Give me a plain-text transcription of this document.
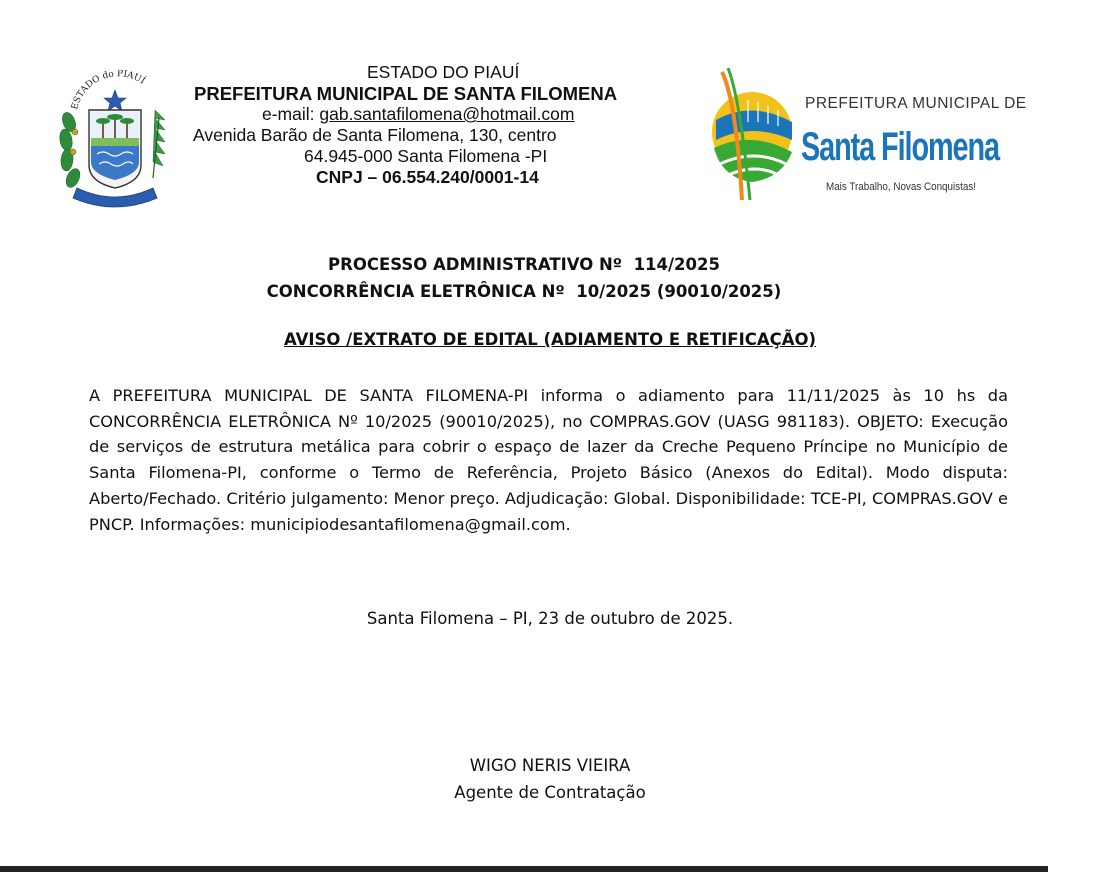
ESTADO do PIAUÍ	ESTADO DO PIAUÍ
PREFEITURA MUNICIPAL DE SANTA FILOMENA
e-mail: gab.santafilomena@hotmail.com
Avenida Barão de Santa Filomena, 130, centro
64.945-000 Santa Filomena -PI
CNPJ – 06.554.240/0001-14
PREFEITURA MUNICIPAL DE
Santa Filomena
Mais Trabalho, Novas Conquistas!
PROCESSO ADMINISTRATIVO Nº  114/2025
CONCORRÊNCIA ELETRÔNICA Nº  10/2025 (90010/2025)
AVISO /EXTRATO DE EDITAL (ADIAMENTO E RETIFICAÇÃO)
A PREFEITURA MUNICIPAL DE SANTA FILOMENA-PI informa o adiamento para 11/11/2025 às 10 hs da CONCORRÊNCIA ELETRÔNICA Nº 10/2025 (90010/2025), no COMPRAS.GOV (UASG 981183). OBJETO: Execução de serviços de estrutura metálica para cobrir o espaço de lazer da Creche Pequeno Príncipe no Município de Santa Filomena-PI, conforme o Termo de Referência, Projeto Básico (Anexos do Edital). Modo disputa: Aberto/Fechado. Critério julgamento: Menor preço. Adjudicação: Global. Disponibilidade: TCE-PI, COMPRAS.GOV e PNCP. Informações: municipiodesantafilomena@gmail.com.
Santa Filomena – PI, 23 de outubro de 2025.
WIGO NERIS VIEIRA
Agente de Contratação
